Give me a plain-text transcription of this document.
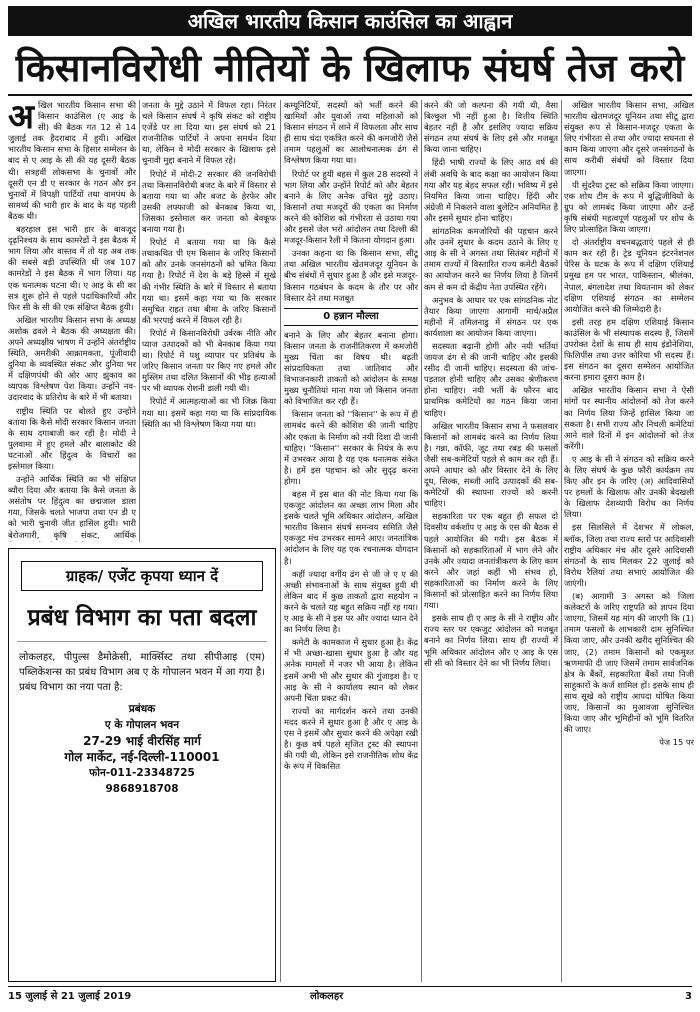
अखिल भारतीय किसान काउंसिल का आह्वान
किसानविरोधी नीतियों के खिलाफ संघर्ष तेज करो

अ खिल भारतीय किसान सभा की किसान काउंसिल (ए आइ के सी) की बैठक गत 12 से 14 जुलाई तक हैदराबाद में हुयी। अखिल भारतीय किसान सभा के हिसार सम्मेलन के बाद से ए आइ के सी की यह दूसरी बैठक थी। सत्रहवीं लोकसभा के चुनावों और दूसरी एन डी ए सरकार के गठन और इन चुनावों में विपक्षी पार्टियों तथा वामपंथ के सामर्थ्य की भारी हार के बाद के यह पहली बैठक थी।

बहरहाल इस भारी हार के बावजूद दृढ़निश्चय के साथ कामरेडों ने इस बैठक में भाग लिया और वास्तव में तो यह अब तक की सबसे बड़ी उपस्थिति थी जब 107 कामरेडों ने इस बैठक में भाग लिया। यह एक धनात्मक घटना थी। ए आइ के सी का सत्र शुरू होने से पहले पदाधिकारियों और फिर सी के सी की एक संक्षिप्त बैठक हुयी।

अखिल भारतीय किसान सभा के अध्यक्ष अशोक ढवले ने बैठक की अध्यक्षता की। अपने अध्यक्षीय भाषण में उन्होंने अंतर्राष्ट्रीय स्थिति, अमरीकी आक्रामकता, पूंजीवादी दुनिया के व्यवस्थित संकट और दुनिया भर में दक्षिणपंथी की ओर आए झुकाव का व्यापक विश्लेषण पेश किया। उन्होंने नव-उदारवाद के प्रतिरोध के बारे में भी बताया।

राष्ट्रीय स्थिति पर बोलते हुए उन्होंने बताया कि कैसे मोदी सरकार किसान जनता के साथ दगाबाजी कर रही है। मोदी ने पुलवामा में हुए हमले और बालाकोट की घटनाओं और हिंदुत्व के विचारों का इस्तेमाल किया।

उन्होंने आर्थिक स्थिति का भी संक्षिप्त ब्यौरा दिया और बताया कि कैसे जनता के असंतोष पर हिंदुत्व का छद्मजाल डाला गया, जिसके चलते भाजपा तथा एन डी ए को भारी चुनावी जीत हासिल हुयी। भारी बेरोजगारी, कृषि संकट, आर्थिक

जनता के मुद्दे उठाने में विफल रहा। निरंतर चले किसान संघर्ष ने कृषि संकट को राष्ट्रीय एजेंडे पर ला दिया था। इस संघर्ष को 21 राजनीतिक पार्टियों ने अपना समर्थन दिया था, लेकिन वे मोदी सरकार के खिलाफ इसे चुनावी मुद्दा बनाने में विफल रहे।

रिपोर्ट में मोदी-2 सरकार की जनविरोधी तथा किसानविरोधी बजट के बारे में विस्तार से बताया गया था और बजट के हेरफेर और उसकी लफ्फाजी को बेनकाब किया था, जिसका इस्तेमाल कर जनता को बेवकूफ बनाया गया है।

रिपोर्ट में बताया गया था कि कैसे तथाकथित पी एम किसान के जरिए किसानों को और उनके जनसंगठनों को भ्रमित किया गया है। रिपोर्ट में देश के बड़े हिस्से में सूखे की गंभीर स्थिति के बारे में विस्तार से बताया गया था। इसमें कहा गया था कि सरकार समुचित राहत तथा बीमा के जरिए किसानों की भरपाई करने में विफल रही है।

रिपोर्ट में किसानविरोधी उर्वरक नीति और प्याज उत्पादकों को भी बेनकाब किया गया था। रिपोर्ट में पशु व्यापार पर प्रतिबंध के जरिए किसान जनता पर किए गए हमले और मुस्लिम तथा दलित किसानों की भीड़ हत्याओं पर भी व्यापक रोशनी डाली गयी थी।

रिपोर्ट में आत्महत्याओं का भी जिक्र किया गया था। इसमें कहा गया था कि सांप्रदायिक स्थिति का भी विश्लेषण किया गया था।

कम्यूनिटियों, सदस्यों को भर्ती करने की खामियों और युवाओं तथा महिलाओं को किसान संगठन में लाने में विफलता और साथ ही साथ चंदा एकत्रित करने की कमजोरी जैसे तमाम पहलुओं का आलोचनात्मक ढंग से विश्लेषण किया गया था।

रिपोर्ट पर हुयी बहस में कुल 28 सदस्यों ने भाग लिया और उन्होंने रिपोर्ट को और बेहतर बनाने के लिए अनेक उचित मुद्दे उठाए। किसानों तथा मजदूरों की एकता का निर्माण करने की कोशिश को गंभीरता से उठाया गया और इससे जेल भरो आंदोलन तथा दिल्ली की मजदूर-किसान रैली में कितना योगदान हुआ।

उनका कहना था कि किसान सभा, सीटू तथा अखिल भारतीय खेतमजदूर यूनियन के बीच संबंधों में सुधार हुआ है और इसे मजदूर-किसान गठबंधन के कदम के तौर पर और विस्तार देने तथा मजबूत

0 हन्नान मौल्ला

बनाने के लिए और बेहतर बनाना होगा। किसान जनता के राजनीतिकरण में कमजोरी मुख्य चिंता का विषय थी। बढ़ती सांप्रदायिकता तथा जातिवाद और विभाजनकारी ताकतों को आंदोलन के समक्ष मुख्य चुनौतियां माना गया जो किसान जनता को विभाजित कर रही हैं।

किसान जनता को ''किसान'' के रूप में ही लामबंद करने की कोशिश की जानी चाहिए और एकता के निर्माण को नयी दिशा दी जानी चाहिए। ''किसान'' सरकार के नियंत्र के रूप में उभरकर आया है यह एक धनात्मक संकेत है। हमें इस पहचान को और सुदृढ़ करना होगा।

बहस में इस बात की नोट किया गया कि एकजुट आंदोलन का अच्छा लाभ मिला और इसके चलते भूमि अधिकार आंदोलन, अखिल भारतीय किसान संघर्ष समन्वय समिति जैसे एकजुट मंच उभरकर सामने आए। जनतांत्रिक आंदोलन के लिए यह एक रचनात्मक योगदान है।

कहीं ज्यादा वर्गीय ढंग से जी जे ए ए की अच्छी संभावनाओं के साथ संयुक्त हुयी थी लेकिन बाद में कुछ ताकतों द्वारा सहयोग न करने के चलते यह बहुत सक्रिय नहीं रह गया। ए आइ के सी ने इस पर और ज्यादा ध्यान देने का निर्णय लिया है।

कमेटी के कामकाज में सुधार हुआ है। केंद्र में भी अच्छा-खासा सुधार हुआ है और यह अनेक मामलों में नजर भी आया है। लेकिन इसमें अभी भी और सुधार की गुंजाइश है। ए आइ के सी ने कार्यालय स्थान को लेकर अपनी चिंता प्रकट की।

राज्यों का मार्गदर्शन करने तथा उनकी मदद करने में सुधार हुआ है और ए आइ के एस ने इसमें और सुधार करने की अपेक्षा रखी है। कुछ वर्ष पहले सृजित ट्रस्ट की स्थापना की गयी थी, लेकिन इसे राजनीतिक शोध केंद्र के रूप में विकसित

करने की जो कल्पना की गयी थी, वैसा बिल्कुल भी नहीं हुआ है। वित्तीय स्थिति बेहतर नहीं है और इसलिए ज्यादा सक्रिय संगठन तथा संघर्ष के लिए इसे और मजबूत किया जाना चाहिए।

हिंदी भाषी राज्यों के लिए आठ वर्ष की लंबी अवधि के बाद कक्षा का आयोजन किया गया और यह बेहद सफल रही। भविष्य में इसे नियमित किया जाना चाहिए। हिंदी और अंग्रेजी में निकलने वाला बुलेटिन अनियमित है और इसमें सुधार होना चाहिए।

सांगठनिक कमजोरियों की पहचान करने और उनमें सुधार के कदम उठाने के लिए ए आइ के सी ने अगस्त तथा सितंबर महीनों में तमाम राज्यों में विस्तारित राज्य कमेटी बैठकों का आयोजन करने का निर्णय लिया है जिनमें कम से कम दो केंद्रीय नेता उपस्थित रहेंगे।

अनुभव के आधार पर एक सांगठनिक नोट तैयार किया जाएगा आगामी मार्च/अप्रैल महीनों में तमिलनाडु में संगठन पर एक कार्यशाला का आयोजन किया जाएगा।

सदस्यता बढ़ानी होगी और नयी भर्तियां जायज ढंग से की जानी चाहिए और इसकी रसीद दी जानी चाहिए। सदस्यता की जांच-पड़ताल होनी चाहिए और उसका श्रेणीकरण होना चाहिए। नयी भर्ती के फौरन बाद प्राथमिक कमेटियों का गठन किया जाना चाहिए।

अखिल भारतीय किसान सभा ने फसलवार किसानों को लामबंद करने का निर्णय लिया है। गन्ना, कॉफी, जूट तथा रबड़ की फसलों जैसी सब-कमेटियों पहले से काम कर रही हैं। अपने आधार को और विस्तार देने के लिए दूध, सिल्क, सब्जी आदि उत्पादकों की सब-कमेटियों की स्थापना राज्यों को करनी चाहिए।

सहकारिता पर एक बहुत ही सफल दो दिवसीय वर्कशॉप ए आइ के एस की बैठक से पहले आयोजित की गयी। इस बैठक में किसानों को सहकारिताओं में भाग लेने और उनके और ज्यादा जनतांत्रीकरण के लिए काम करने और जहां कहीं भी संभव हो, सहकारिताओं का निर्माण करने के लिए किसानों को प्रोत्साहित करने का निर्णय लिया गया।

इसके साथ ही ए आइ के सी ने राष्ट्रीय और राज्य स्तर पर एकजुट आंदोलन को मजबूत बनाने का निर्णय लिया। साथ ही राज्यों में भूमि अधिकार आंदोलन और ए आइ के एस सी सी को विस्तार देने का भी निर्णय लिया।

अखिल भारतीय किसान सभा, अखिल भारतीय खेतमजदूर यूनियन तथा सीटू द्वारा संयुक्त रूप से किसान-मजदूर एकता के लिए गंभीरता से तथा और ज्यादा सघनता से काम किया जाएगा और दूसरे जनसंगठनों के साथ करीबी संबंधों को विस्तार दिया जाएगा।

पी सुंदरैया ट्रस्ट को सक्रिय किया जाएगा। एक शोध टीम के रूप में बुद्धिजीवियों के ग्रुप को लामबंद किया जाएगा और उन्हें कृषि संबंधी महत्वपूर्ण पहलुओं पर शोध के लिए प्रोत्साहित किया जाएगा।

दो अंतर्राष्ट्रीय वचनबद्धताएं पहले से ही काम कर रही हैं। ट्रेड यूनियन इंटरनेशनल पेरिस के घटक के रूप में दक्षिण एशियाई प्रमुख हम पर भारत, पाकिस्तान, श्रीलंका, नेपाल, बंगलादेश तथा वियतनाम को लेकर दक्षिण एशियाई संगठन का सम्मेलन आयोजित करने की जिम्मेदारी है।

इसी तरह हम दक्षिण एशियाई किसान काउंसिल के भी संस्थापक सदस्य हैं, जिसमें उपरोक्त देशों के साथ ही साथ इंडोनेशिया, फिलिपींस तथा उत्तर कोरिया भी सदस्य हैं। इस संगठन का दूसरा सम्मेलन आयोजित करना हमारा दूसरा काम है।

अखिल भारतीय किसान सभा ने ऐसी मांगों पर स्थानीय आंदोलनों को तेज करने का निर्णय लिया जिन्हें हासिल किया जा सकता है। सभी राज्य और निचली कमेटियां आने वाले दिनों में इन आंदोलनों को तेज करेंगी।

ए आइ के सी ने संगठन को सक्रिय करने के लिए संघर्ष के कुछ फौरी कार्यक्रम तय किए और इन के जरिए (अ) आदिवासियों पर हमलों के खिलाफ और उनकी बेदखली के खिलाफ देशव्यापी विरोध का निर्णय लिया।

इस सिलसिले में देशभर में लोकल, ब्लॉक, जिला तथा राज्य स्तरों पर आदिवासी राष्ट्रीय अधिकार मंच और दूसरे आदिवासी संगठनों के साथ मिलकर 22 जुलाई को विरोध रैलियां तथा सभाएं आयोजित की जाएंगी।

(ब) आगामी 3 अगस्त को जिला कलेक्टरों के जरिए राष्ट्रपति को ज्ञापन दिया जाएगा, जिसमें यह मांग की जाएगी कि (1) तमाम फसलों के लाभकारी दाम सुनिश्चित किया जाए, और उनकी खरीद सुनिश्चित की जाए, (2) तमाम किसानों को एकमुश्त ऋणमाफी दी जाए जिसमें तमाम सार्वजनिक क्षेत्र के बैंकों, सहकारिता बैंकों तथा निजी साहूकारों के कर्ज शामिल हों। इसके साथ ही साथ सूखे को राष्ट्रीय आपदा घोषित किया जाए, किसानों का मुआवजा सुनिश्चित किया जाए और भूमिहीनों को भूमि वितरित की जाए।

पेज 15 पर

ग्राहक/ एजेंट कृपया ध्यान दें
प्रबंध विभाग का पता बदला
लोकलहर, पीपुल्स डैमोक्रेसी, मार्क्सिस्ट तथा सीपीआइ (एम) पब्लिकेशन्स का प्रबंध विभाग अब ए के गोपालन भवन में आ गया है। प्रबंध विभाग का नया पता है:
प्रबंधक
ए के गोपालन भवन
27-29 भाई वीरसिंह मार्ग
गोल मार्केट, नई-दिल्ली-110001
फोन-011-23348725
9868918708
15 जुलाई से 21 जुलाई 2019	लोकलहर	3
